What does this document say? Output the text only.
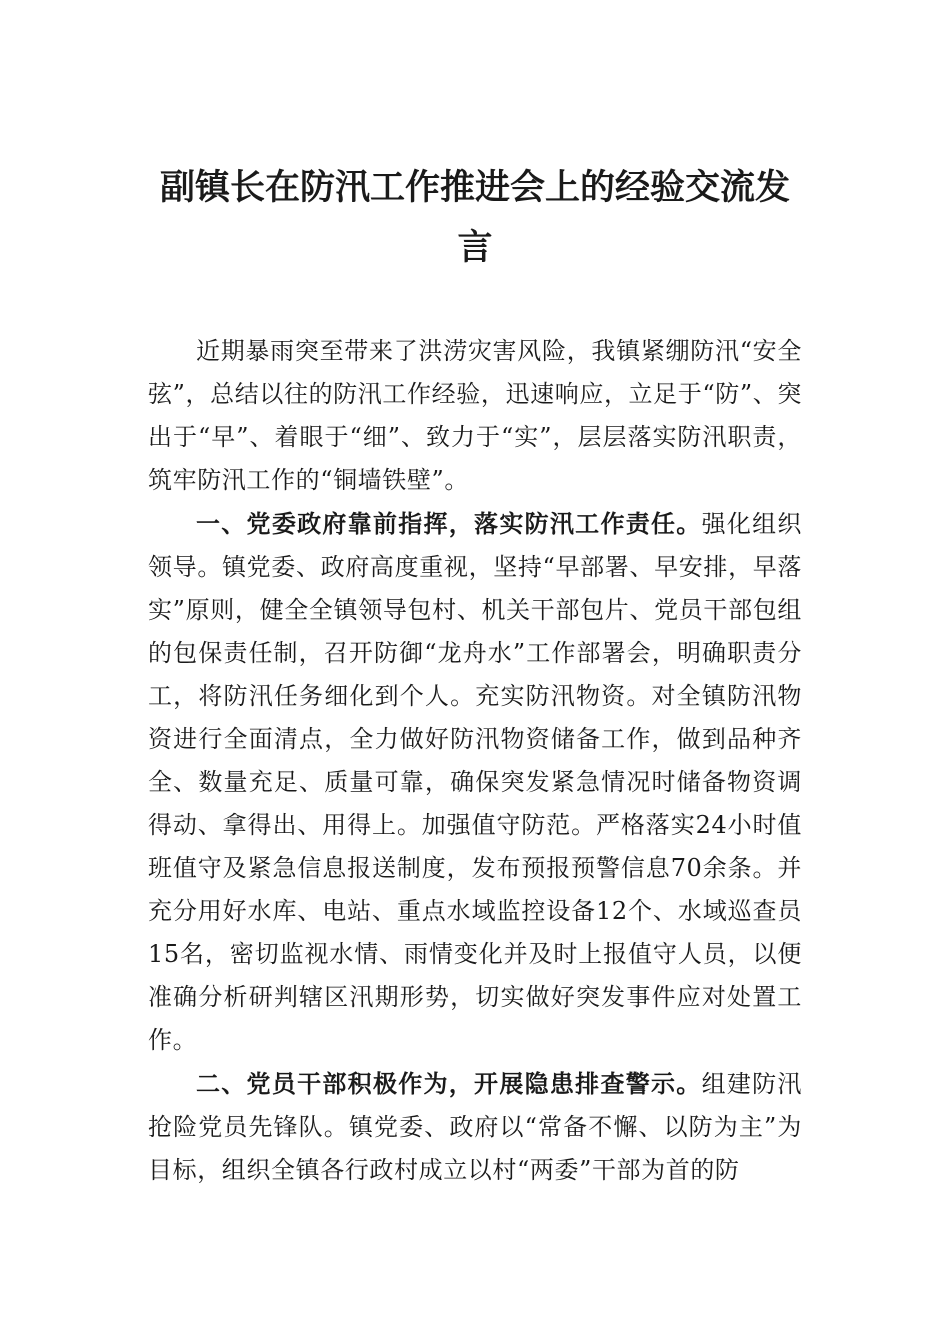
副镇长在防汛工作推进会上的经验交流发言

近期暴雨突至带来了洪涝灾害风险，我镇紧绷防汛“安全弦”，总结以往的防汛工作经验，迅速响应，立足于“防”、突出于“早”、着眼于“细”、致力于“实”，层层落实防汛职责，筑牢防汛工作的“铜墙铁壁”。

一、党委政府靠前指挥，落实防汛工作责任。强化组织领导。镇党委、政府高度重视，坚持“早部署、早安排，早落实”原则，健全全镇领导包村、机关干部包片、党员干部包组的包保责任制，召开防御“龙舟水”工作部署会，明确职责分工，将防汛任务细化到个人。充实防汛物资。对全镇防汛物资进行全面清点，全力做好防汛物资储备工作，做到品种齐全、数量充足、质量可靠，确保突发紧急情况时储备物资调得动、拿得出、用得上。加强值守防范。严格落实24小时值班值守及紧急信息报送制度，发布预报预警信息70余条。并充分用好水库、电站、重点水域监控设备12个、水域巡查员15名，密切监视水情、雨情变化并及时上报值守人员，以便准确分析研判辖区汛期形势，切实做好突发事件应对处置工作。

二、党员干部积极作为，开展隐患排查警示。组建防汛抢险党员先锋队。镇党委、政府以“常备不懈、以防为主”为目标，组织全镇各行政村成立以村“两委”干部为首的防
